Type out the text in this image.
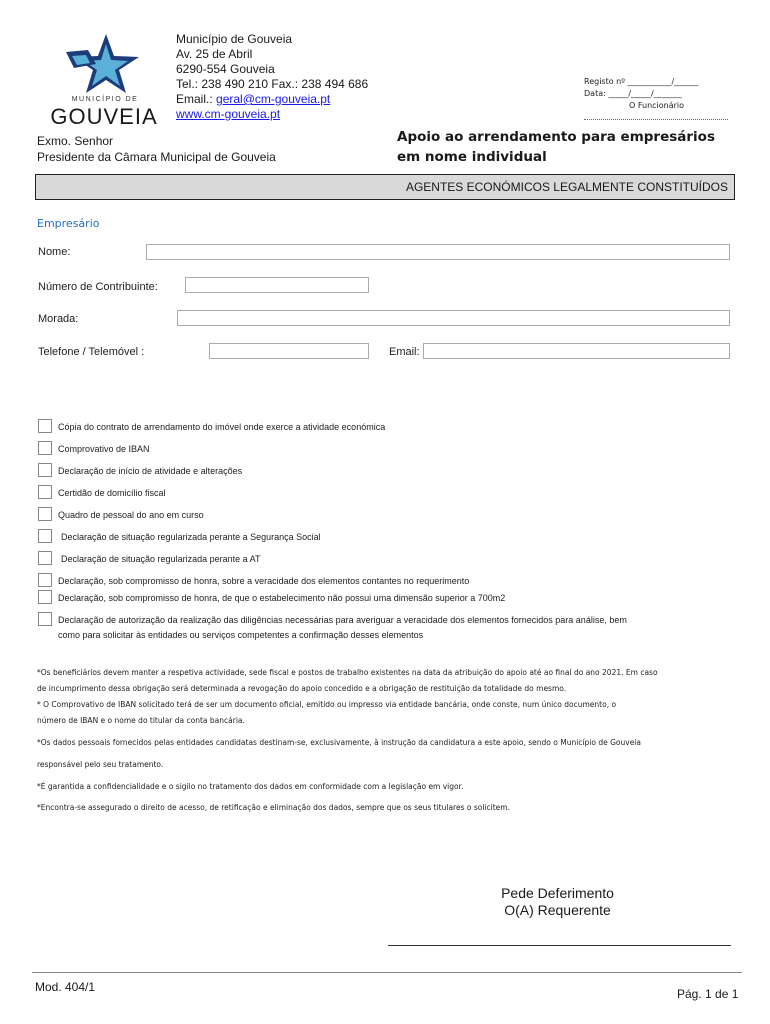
MUNICÍPIO DE
GOUVEIA
Município de Gouveia
Av. 25 de Abril
6290-554 Gouveia
Tel.: 238 490 210 Fax.: 238 494 686
Email.: geral@cm-gouveia.pt
www.cm-gouveia.pt
Registo nº ___________/______
Data: _____/_____/_______
O Funcionário
Exmo. Senhor
Presidente da Câmara Municipal de Gouveia
Apoio ao arrendamento para empresários em nome individual
AGENTES ECONÓMICOS LEGALMENTE CONSTITUÍDOS
Empresário
Nome:
Número de Contribuinte:
Morada:
Telefone / Telemóvel :	Email:
Cópia do contrato de arrendamento do imóvel onde exerce a atividade económica
Comprovativo de IBAN
Declaração de início de atividade e alterações
Certidão de domicílio fiscal
Quadro de pessoal do ano em curso
Declaração de situação regularizada perante a Segurança Social
Declaração de situação regularizada perante a AT
Declaração, sob compromisso de honra, sobre a veracidade dos elementos contantes no requerimento
Declaração, sob compromisso de honra, de que o estabelecimento não possui uma dimensão superior a 700m2
Declaração de autorização da realização das diligências necessárias para averiguar a veracidade dos elementos fornecidos para análise, bem
como para solicitar às entidades ou serviços competentes a confirmação desses elementos
*Os beneficiários devem manter a respetiva actividade, sede fiscal e postos de trabalho existentes na data da atribuição do apoio até ao final do ano 2021. Em caso
de incumprimento dessa obrigação será determinada a revogação do apoio concedido e a obrigação de restituição da totalidade do mesmo.
* O Comprovativo de IBAN solicitado terá de ser um documento oficial, emitido ou impresso via entidade bancária, onde conste, num único documento, o
número de IBAN e o nome do titular da conta bancária.
*Os dados pessoais fornecidos pelas entidades candidatas destinam-se, exclusivamente, à instrução da candidatura a este apoio, sendo o Município de Gouveia
responsável pelo seu tratamento.
*É garantida a confidencialidade e o sigilo no tratamento dos dados em conformidade com a legislação em vigor.
*Encontra-se assegurado o direito de acesso, de retificação e eliminação dos dados, sempre que os seus titulares o solicitem.
Pede Deferimento
O(A) Requerente
Mod. 404/1	Pág. 1 de 1
